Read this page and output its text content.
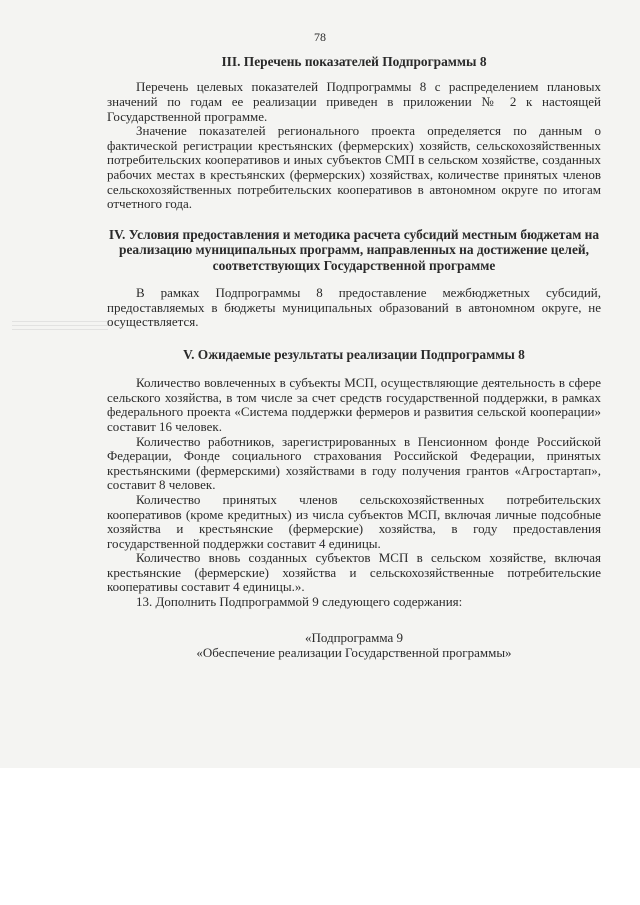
78
III. Перечень показателей Подпрограммы 8

Перечень целевых показателей Подпрограммы 8 с распределением плановых значений по годам ее реализации приведен в приложении № 2 к настоящей Государственной программе.

Значение показателей регионального проекта определяется по данным о фактической регистрации крестьянских (фермерских) хозяйств, сельскохозяйственных потребительских кооперативов и иных субъектов СМП в сельском хозяйстве, созданных рабочих местах в крестьянских (фермерских) хозяйствах, количестве принятых членов сельскохозяйственных потребительских кооперативов в автономном округе по итогам отчетного года.

IV. Условия предоставления и методика расчета субсидий местным бюджетам на реализацию муниципальных программ, направленных на достижение целей, соответствующих Государственной программе

В рамках Подпрограммы 8 предоставление межбюджетных субсидий, предоставляемых в бюджеты муниципальных образований в автономном округе, не осуществляется.

V. Ожидаемые результаты реализации Подпрограммы 8

Количество вовлеченных в субъекты МСП, осуществляющие деятельность в сфере сельского хозяйства, в том числе за счет средств государственной поддержки, в рамках федерального проекта «Система поддержки фермеров и развития сельской кооперации» составит 16 человек.

Количество работников, зарегистрированных в Пенсионном фонде Российской Федерации, Фонде социального страхования Российской Федерации, принятых крестьянскими (фермерскими) хозяйствами в году получения грантов «Агростартап», составит 8 человек.

Количество принятых членов сельскохозяйственных потребительских кооперативов (кроме кредитных) из числа субъектов МСП, включая личные подсобные хозяйства и крестьянские (фермерские) хозяйства, в году предоставления государственной поддержки составит 4 единицы.

Количество вновь созданных субъектов МСП в сельском хозяйстве, включая крестьянские (фермерские) хозяйства и сельскохозяйственные потребительские кооперативы составит 4 единицы.».

13. Дополнить Подпрограммой 9 следующего содержания:

«Подпрограмма 9
«Обеспечение реализации Государственной программы»
